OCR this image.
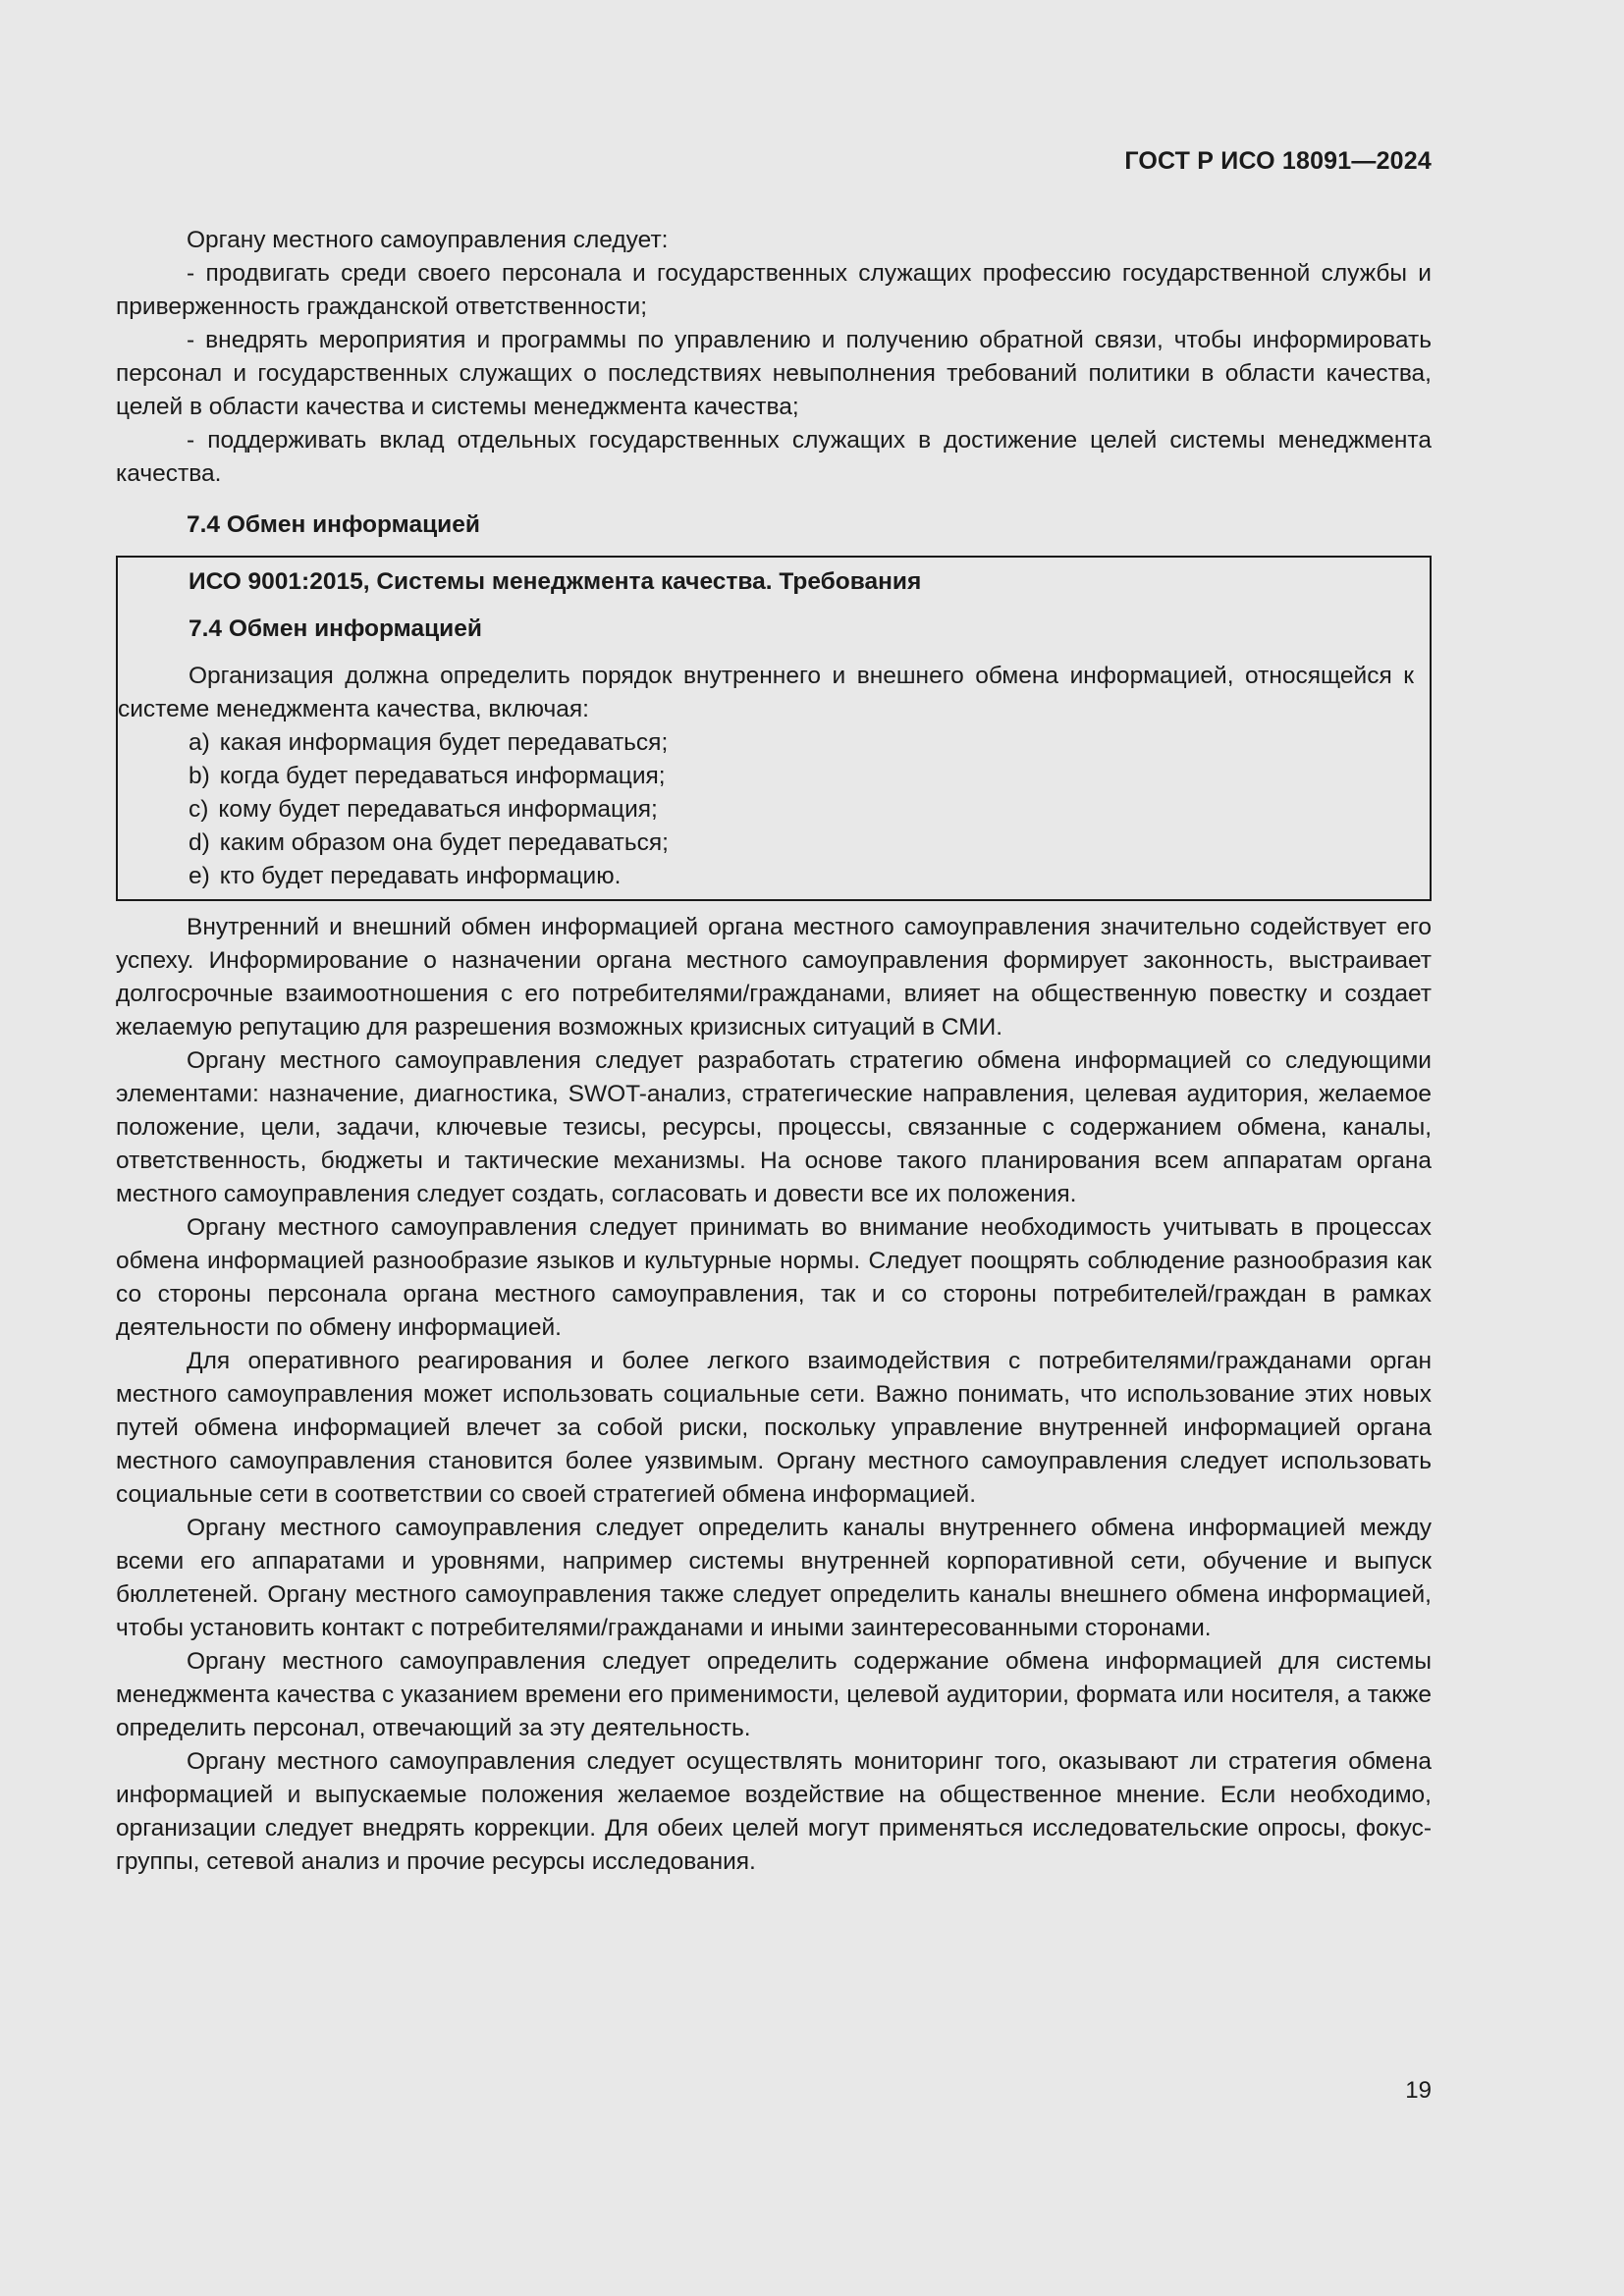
ГОСТ Р ИСО 18091—2024

Органу местного самоуправления следует:

- продвигать среди своего персонала и государственных служащих профессию государственной службы и приверженность гражданской ответственности;

- внедрять мероприятия и программы по управлению и получению обратной связи, чтобы информировать персонал и государственных служащих о последствиях невыполнения требований политики в области качества, целей в области качества и системы менеджмента качества;

- поддерживать вклад отдельных государственных служащих в достижение целей системы менеджмента качества.

7.4 Обмен информацией
ИСО 9001:2015, Системы менеджмента качества. Требования
7.4 Обмен информацией

Организация должна определить порядок внутреннего и внешнего обмена информацией, относящейся к системе менеджмента качества, включая:

a) какая информация будет передаваться;
b) когда будет передаваться информация;
c) кому будет передаваться информация;
d) каким образом она будет передаваться;
e) кто будет передавать информацию.

Внутренний и внешний обмен информацией органа местного самоуправления значительно содействует его успеху. Информирование о назначении органа местного самоуправления формирует законность, выстраивает долгосрочные взаимоотношения с его потребителями/гражданами, влияет на общественную повестку и создает желаемую репутацию для разрешения возможных кризисных ситуаций в СМИ.

Органу местного самоуправления следует разработать стратегию обмена информацией со следующими элементами: назначение, диагностика, SWOT-анализ, стратегические направления, целевая аудитория, желаемое положение, цели, задачи, ключевые тезисы, ресурсы, процессы, связанные с содержанием обмена, каналы, ответственность, бюджеты и тактические механизмы. На основе такого планирования всем аппаратам органа местного самоуправления следует создать, согласовать и довести все их положения.

Органу местного самоуправления следует принимать во внимание необходимость учитывать в процессах обмена информацией разнообразие языков и культурные нормы. Следует поощрять соблюдение разнообразия как со стороны персонала органа местного самоуправления, так и со стороны потребителей/граждан в рамках деятельности по обмену информацией.

Для оперативного реагирования и более легкого взаимодействия с потребителями/гражданами орган местного самоуправления может использовать социальные сети. Важно понимать, что использование этих новых путей обмена информацией влечет за собой риски, поскольку управление внутренней информацией органа местного самоуправления становится более уязвимым. Органу местного самоуправления следует использовать социальные сети в соответствии со своей стратегией обмена информацией.

Органу местного самоуправления следует определить каналы внутреннего обмена информацией между всеми его аппаратами и уровнями, например системы внутренней корпоративной сети, обучение и выпуск бюллетеней. Органу местного самоуправления также следует определить каналы внешнего обмена информацией, чтобы установить контакт с потребителями/гражданами и иными заинтересованными сторонами.

Органу местного самоуправления следует определить содержание обмена информацией для системы менеджмента качества с указанием времени его применимости, целевой аудитории, формата или носителя, а также определить персонал, отвечающий за эту деятельность.

Органу местного самоуправления следует осуществлять мониторинг того, оказывают ли стратегия обмена информацией и выпускаемые положения желаемое воздействие на общественное мнение. Если необходимо, организации следует внедрять коррекции. Для обеих целей могут применяться исследовательские опросы, фокус-группы, сетевой анализ и прочие ресурсы исследования.

19
